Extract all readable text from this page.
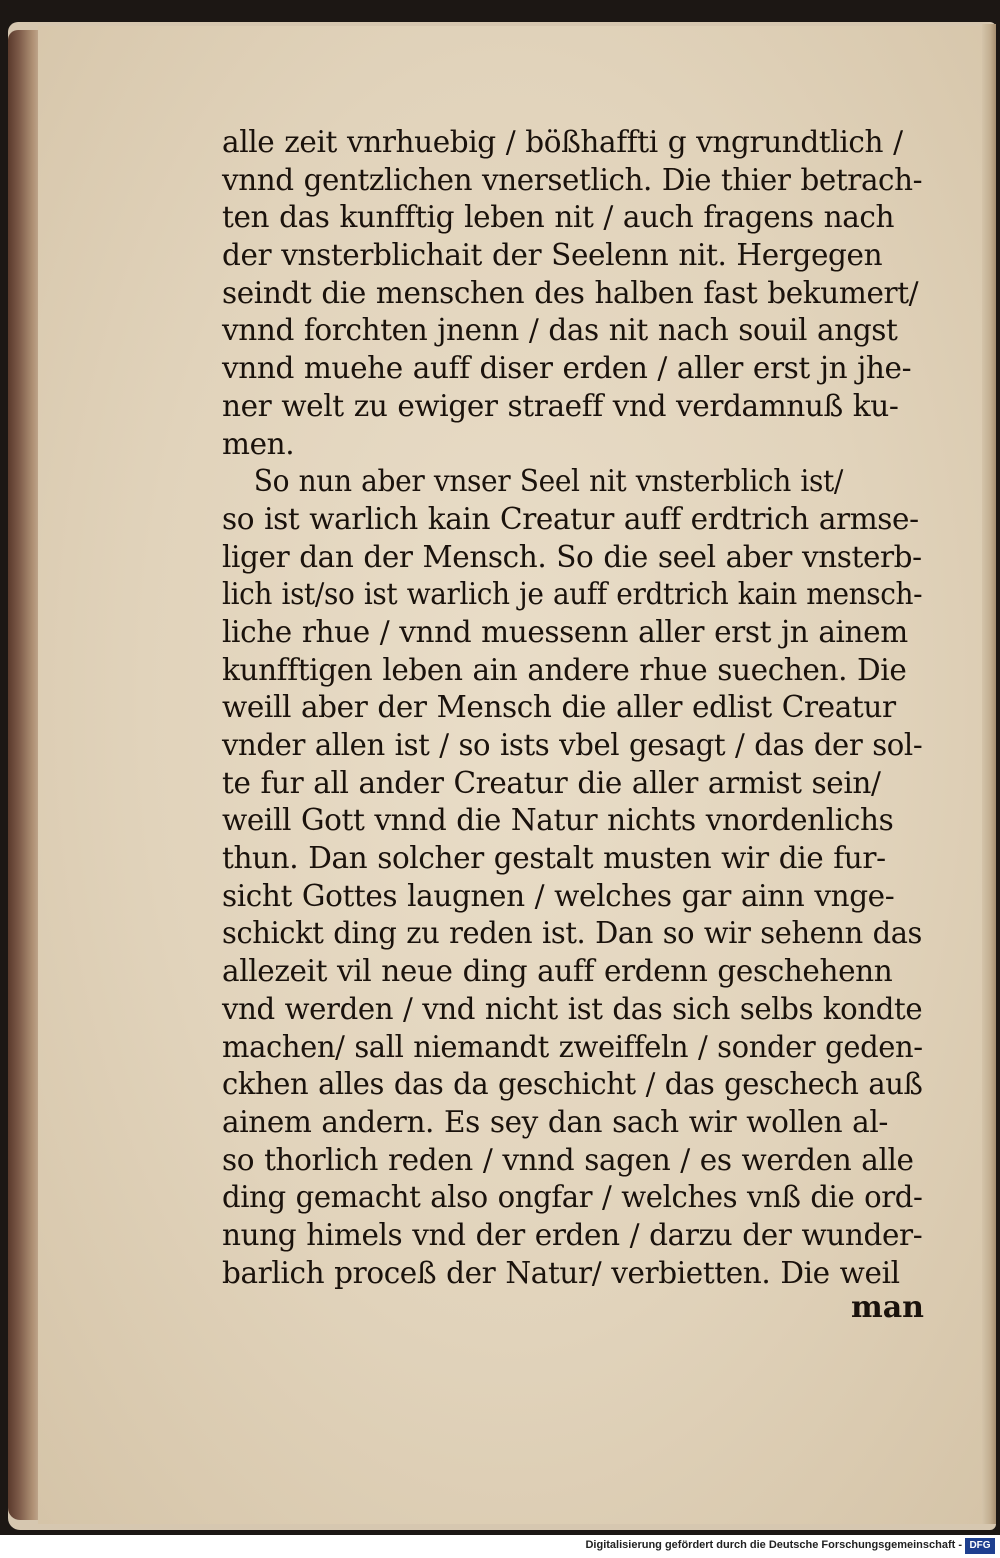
alle zeit vnrhuebig / bößhaffti g vngrundtlich /
vnnd gentzlichen vnersetlich. Die thier betrach-
ten das kunfftig leben nit / auch fragens nach
der vnsterblichait der Seelenn nit. Hergegen
seindt die menschen des halben fast bekumert/
vnnd forchten jnenn / das nit nach souil angst
vnnd muehe auff diser erden / aller erst jn jhe-
ner welt zu ewiger straeff vnd verdamnuß ku-
men.
So nun aber vnser Seel nit vnsterblich ist/
so ist warlich kain Creatur auff erdtrich armse-
liger dan der Mensch. So die seel aber vnsterb-
lich ist/so ist warlich je auff erdtrich kain mensch-
liche rhue / vnnd muessenn aller erst jn ainem
kunfftigen leben ain andere rhue suechen. Die
weill aber der Mensch die aller edlist Creatur
vnder allen ist / so ists vbel gesagt / das der sol-
te fur all ander Creatur die aller armist sein/
weill Gott vnnd die Natur nichts vnordenlichs
thun. Dan solcher gestalt musten wir die fur-
sicht Gottes laugnen / welches gar ainn vnge-
schickt ding zu reden ist. Dan so wir sehenn das
allezeit vil neue ding auff erdenn geschehenn
vnd werden / vnd nicht ist das sich selbs kondte
machen/ sall niemandt zweiffeln / sonder geden-
ckhen alles das da geschicht / das geschech auß
ainem andern. Es sey dan sach wir wollen al-
so thorlich reden / vnnd sagen / es werden alle
ding gemacht also ongfar / welches vnß die ord-
nung himels vnd der erden / darzu der wunder-
barlich proceß der Natur/ verbietten. Die weil
man
Digitalisierung gefördert durch die Deutsche Forschungsgemeinschaft - DFG
